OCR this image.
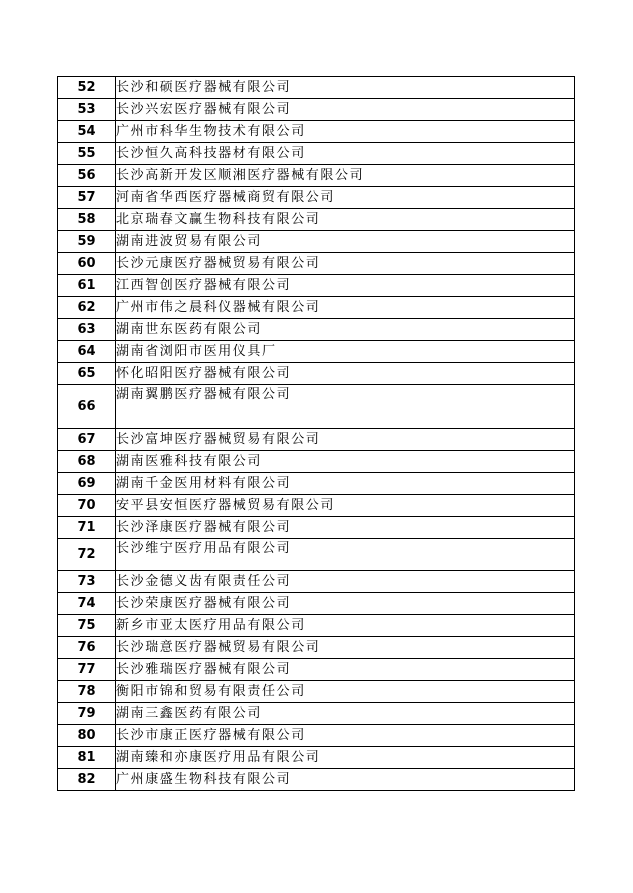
52	长沙和硕医疗器械有限公司
53	长沙兴宏医疗器械有限公司
54	广州市科华生物技术有限公司
55	长沙恒久高科技器材有限公司
56	长沙高新开发区顺湘医疗器械有限公司
57	河南省华西医疗器械商贸有限公司
58	北京瑞春文赢生物科技有限公司
59	湖南进波贸易有限公司
60	长沙元康医疗器械贸易有限公司
61	江西智创医疗器械有限公司
62	广州市伟之晨科仪器械有限公司
63	湖南世东医药有限公司
64	湖南省浏阳市医用仪具厂
65	怀化昭阳医疗器械有限公司
66	湖南翼鹏医疗器械有限公司
67	长沙富坤医疗器械贸易有限公司
68	湖南医雅科技有限公司
69	湖南千金医用材料有限公司
70	安平县安恒医疗器械贸易有限公司
71	长沙泽康医疗器械有限公司
72	长沙维宁医疗用品有限公司
73	长沙金德义齿有限责任公司
74	长沙荣康医疗器械有限公司
75	新乡市亚太医疗用品有限公司
76	长沙瑞意医疗器械贸易有限公司
77	长沙雅瑞医疗器械有限公司
78	衡阳市锦和贸易有限责任公司
79	湖南三鑫医药有限公司
80	长沙市康正医疗器械有限公司
81	湖南臻和亦康医疗用品有限公司
82	广州康盛生物科技有限公司
